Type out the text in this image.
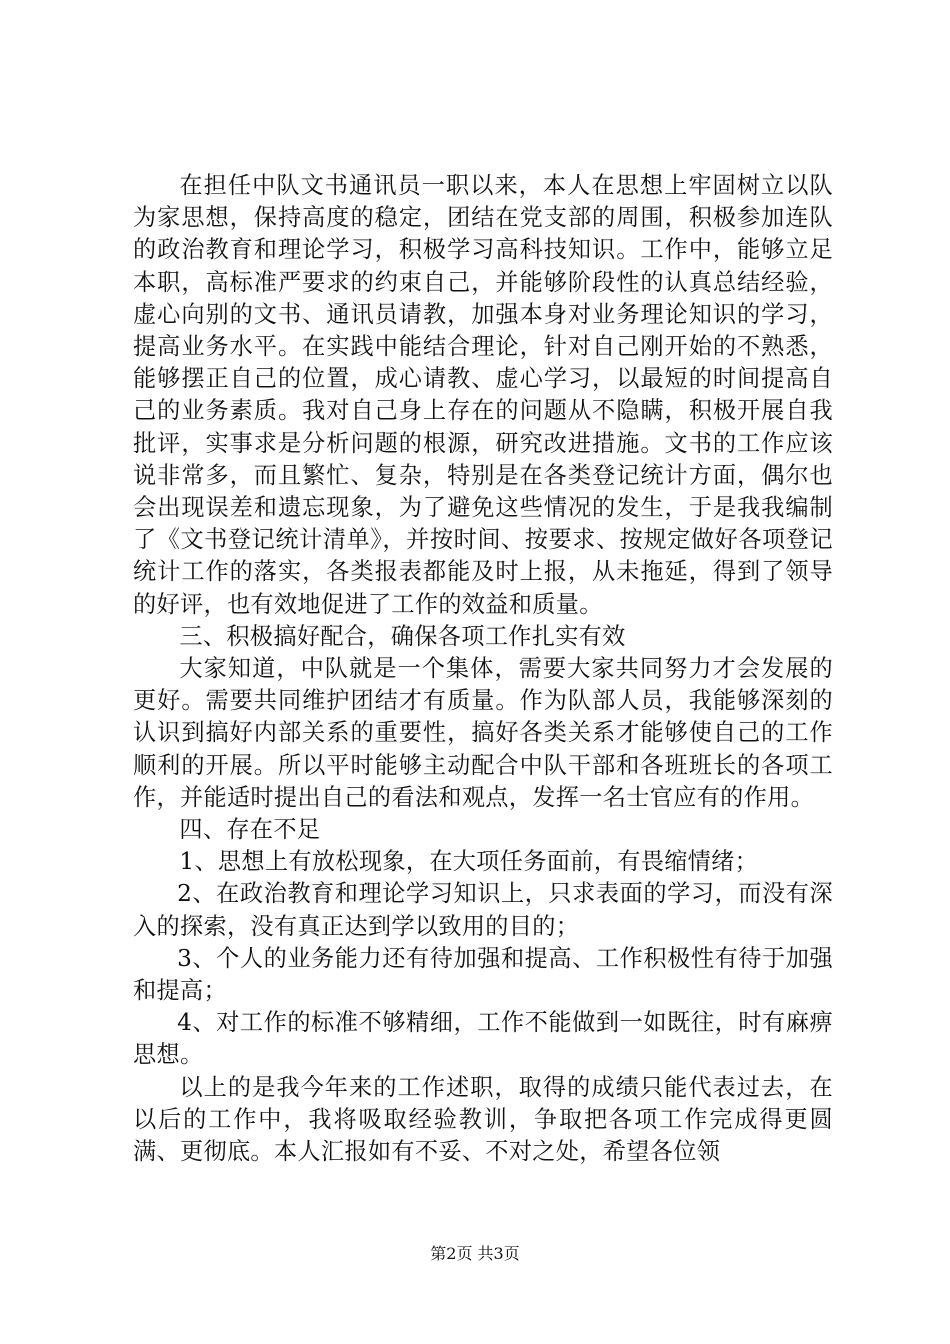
在担任中队文书通讯员一职以来，本人在思想上牢固树立以队为家思想，保持高度的稳定，团结在党支部的周围，积极参加连队的政治教育和理论学习，积极学习高科技知识。工作中，能够立足本职，高标准严要求的约束自己，并能够阶段性的认真总结经验，虚心向别的文书、通讯员请教，加强本身对业务理论知识的学习，提高业务水平。在实践中能结合理论，针对自己刚开始的不熟悉，能够摆正自己的位置，成心请教、虚心学习，以最短的时间提高自己的业务素质。我对自己身上存在的问题从不隐瞒，积极开展自我批评，实事求是分析问题的根源，研究改进措施。文书的工作应该说非常多，而且繁忙、复杂，特别是在各类登记统计方面，偶尔也会出现误差和遗忘现象，为了避免这些情况的发生，于是我我编制了《文书登记统计清单》，并按时间、按要求、按规定做好各项登记统计工作的落实，各类报表都能及时上报，从未拖延，得到了领导的好评，也有效地促进了工作的效益和质量。

三、积极搞好配合，确保各项工作扎实有效

大家知道，中队就是一个集体，需要大家共同努力才会发展的更好。需要共同维护团结才有质量。作为队部人员，我能够深刻的认识到搞好内部关系的重要性，搞好各类关系才能够使自己的工作顺利的开展。所以平时能够主动配合中队干部和各班班长的各项工作，并能适时提出自己的看法和观点，发挥一名士官应有的作用。

四、存在不足

1、思想上有放松现象，在大项任务面前，有畏缩情绪；

2、在政治教育和理论学习知识上，只求表面的学习，而没有深入的探索，没有真正达到学以致用的目的；

3、个人的业务能力还有待加强和提高、工作积极性有待于加强和提高；

4、对工作的标准不够精细，工作不能做到一如既往，时有麻痹思想。

以上的是我今年来的工作述职，取得的成绩只能代表过去，在以后的工作中，我将吸取经验教训，争取把各项工作完成得更圆满、更彻底。本人汇报如有不妥、不对之处，希望各位领

第2页 共3页
